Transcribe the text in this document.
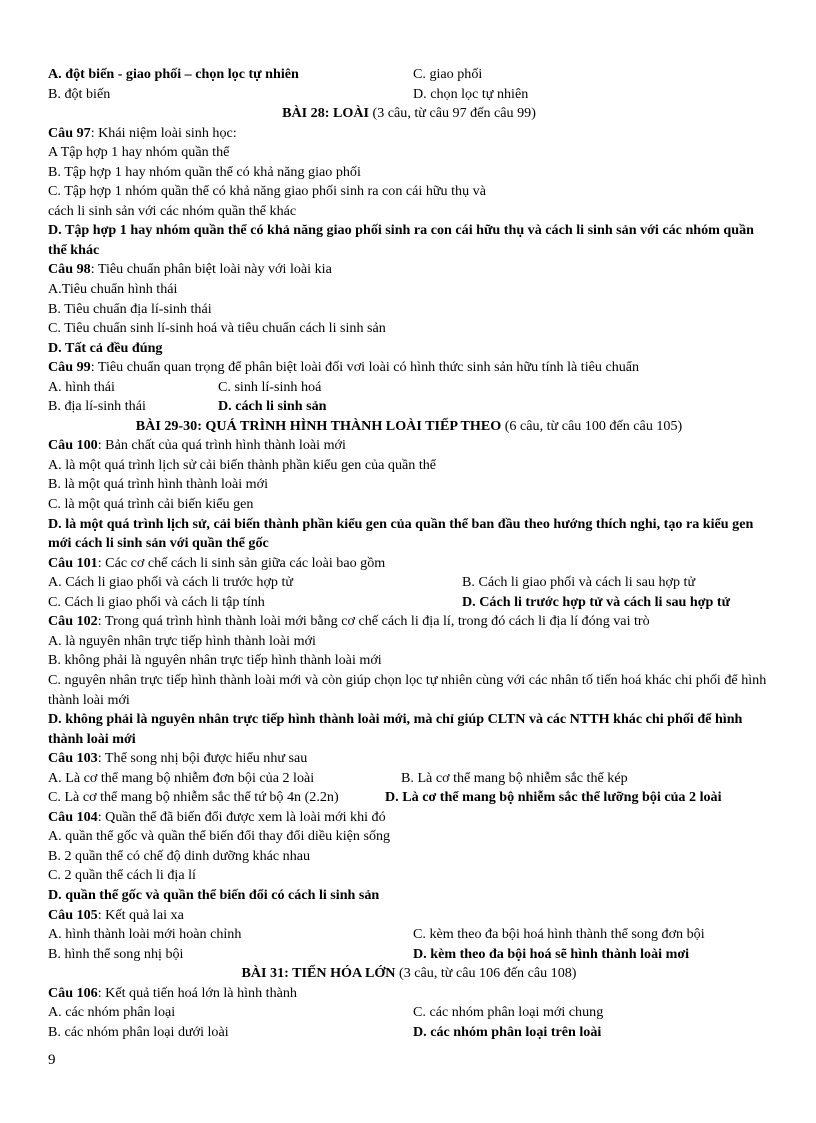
A. đột biến - giao phối – chọn lọc tự nhiên	C. giao phối
B. đột biến	D. chọn lọc tự nhiên
BÀI 28: LOÀI (3 câu, từ câu 97 đến câu 99)
Câu 97: Khái niệm loài sinh học:
A Tập hợp 1 hay nhóm quần thể
B. Tập hợp 1 hay nhóm quần thể có khả năng giao phối
C. Tập hợp 1 nhóm quần thể có khả năng giao phối sinh ra con cái hữu thụ và
cách li sinh sản với các nhóm quần thể khác
D. Tập hợp 1 hay nhóm quần thể có khả năng giao phối sinh ra con cái hữu thụ và cách li sinh sản với các nhóm quần thể khác
Câu 98: Tiêu chuẩn phân biệt loài này với loài kia
A.Tiêu chuẩn hình thái
B. Tiêu chuẩn địa lí-sinh thái
C. Tiêu chuẩn sinh lí-sinh hoá và tiêu chuẩn cách li sinh sản
D. Tất cả đều đúng
Câu 99: Tiêu chuẩn quan trọng để phân biệt loài đối vơi loài có hình thức sinh sản hữu tính là tiêu chuẩn
A. hình thái	C. sinh lí-sinh hoá
B. địa lí-sinh thái	D. cách li sinh sản
BÀI 29-30: QUÁ TRÌNH HÌNH THÀNH LOÀI TIẾP THEO (6 câu, từ câu 100 đến câu 105)
Câu 100: Bản chất của quá trình hình thành loài mới
A. là một quá trình lịch sử cải biến thành phần kiểu gen của quần thể
B. là một quá trình hình thành loài mới
C. là một quá trình cải biến kiểu gen
D. là một quá trình lịch sử, cải biến thành phần kiểu gen của quần thể ban đầu theo hướng thích nghi, tạo ra kiểu gen mới cách li sinh sản với quần thể gốc
Câu 101: Các cơ chế cách li sinh sản giữa các loài bao gồm
A. Cách li giao phối và cách li trước hợp tử	B. Cách li giao phối và cách li sau hợp tử
C. Cách li giao phối và cách li tập tính	D. Cách li trước hợp tử và cách li sau hợp tử
Câu 102: Trong quá trình hình thành loài mới bằng cơ chế cách li địa lí, trong đó cách li địa lí đóng vai trò
A. là nguyên nhân trực tiếp hình thành loài mới
B. không phải là nguyên nhân trực tiếp hình thành loài mới
C. nguyên nhân trực tiếp hình thành loài mới và còn giúp chọn lọc tự nhiên cùng với các nhân tố tiến hoá khác chi phối để hình thành loài mới
D. không phải là nguyên nhân trực tiếp hình thành loài mới, mà chỉ giúp CLTN và các NTTH khác chi phối để hình thành loài mới
Câu 103: Thể song nhị bội được hiểu như sau
A. Là cơ thể mang bộ nhiễm đơn bội của 2 loài	B. Là cơ thể mang bộ nhiễm sắc thể kép
C. Là cơ thể mang bộ nhiễm sắc thể tứ bộ 4n (2.2n)	D. Là cơ thể mang bộ nhiễm sắc thể lưỡng bội của 2 loài
Câu 104: Quần thể đã biến đổi được xem là loài mới khi đó
A. quần thể gốc và quần thể biến đổi thay đổi diều kiện sống
B. 2 quần thể có chế độ dinh dưỡng khác nhau
C. 2 quần thể cách li địa lí
D. quần thể gốc và quần thể biến đổi có cách li sinh sản
Câu 105: Kết quả lai xa
A. hình thành loài mới hoàn chỉnh	C. kèm theo đa bội hoá hình thành thể song đơn bội
B. hình thể song nhị bội	D. kèm theo đa bội hoá sẽ hình thành loài mơi
BÀI 31: TIẾN HÓA LỚN (3 câu, từ câu 106 đến câu 108)
Câu 106: Kết quả tiến hoá lớn là hình thành
A. các nhóm phân loại	C. các nhóm phân loại mới chung
B. các nhóm phân loại dưới loài	D. các nhóm phân loại trên loài
9
